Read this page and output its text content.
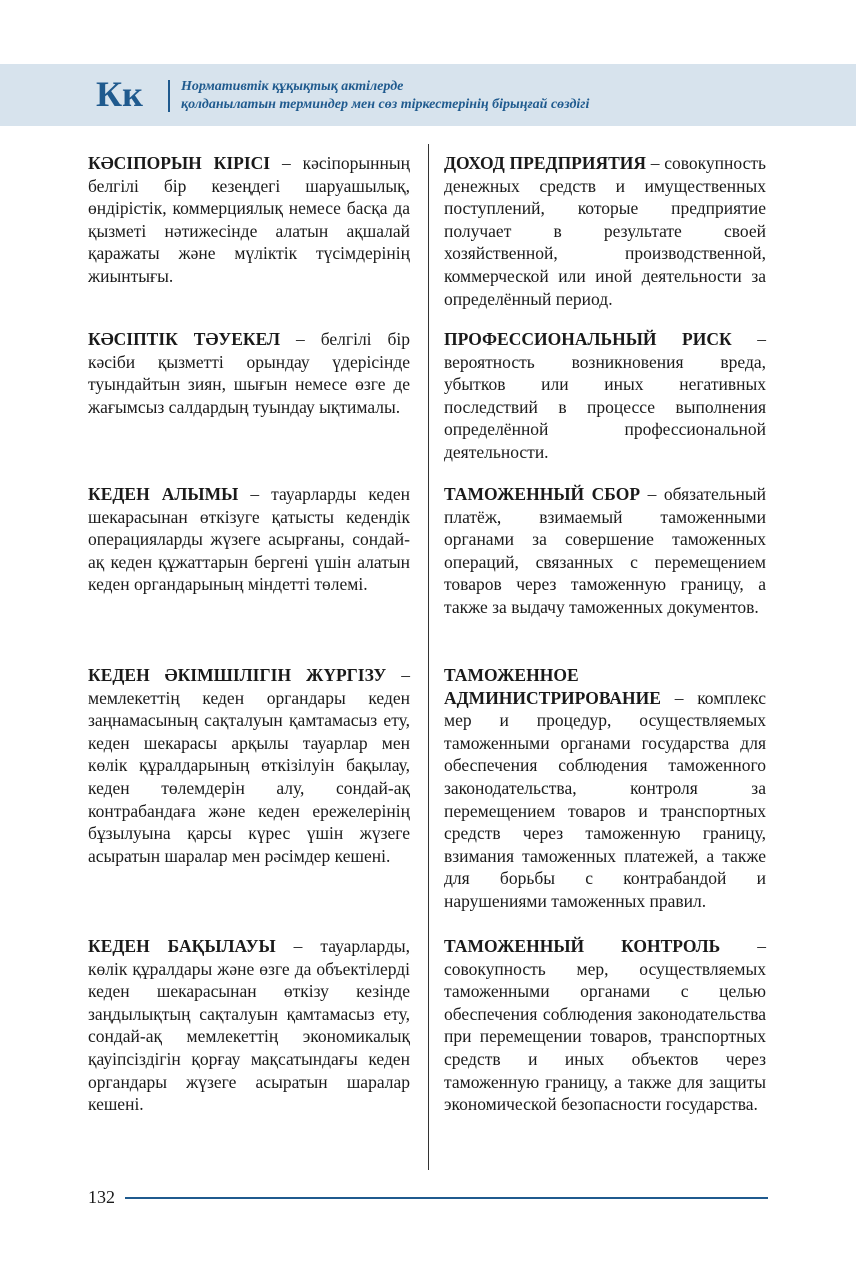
Кк	Нормативтік құқықтық актілерде
қолданылатын терминдер мен сөз тіркестерінің бірыңғай сөздігі

КӘСІПОРЫН КІРІСІ – кәсіпорынның белгілі бір кезеңдегі шаруашылық, өндірістік, коммерциялық немесе басқа да қызметі нәтижесінде алатын ақшалай қаражаты және мүліктік түсімдерінің жиынтығы.

КӘСІПТІК ТӘУЕКЕЛ – белгілі бір кәсіби қызметті орындау үдерісінде туындайтын зиян, шығын немесе өзге де жағымсыз салдардың туындау ықтималы.

КЕДЕН АЛЫМЫ – тауарларды кеден шекарасынан өткізуге қатысты кедендік операцияларды жүзеге асырғаны, сондай-ақ кеден құжаттарын бергені үшін алатын кеден органдарының міндетті төлемі.

КЕДЕН ӘКІМШІЛІГІН ЖҮРГІЗУ – мемлекеттің кеден органдары кеден заңнамасының сақталуын қамтамасыз ету, кеден шекарасы арқылы тауарлар мен көлік құралдарының өткізілуін бақылау, кеден төлемдерін алу, сондай-ақ контрабандаға және кеден ережелерінің бұзылуына қарсы күрес үшін жүзеге асыратын шаралар мен рәсімдер кешені.

КЕДЕН БАҚЫЛАУЫ – тауарларды, көлік құралдары және өзге да объектілерді кеден шекарасынан өткізу кезінде заңдылықтың сақталуын қамтамасыз ету, сондай-ақ мемлекеттің экономикалық қауіпсіздігін қорғау мақсатындағы кеден органдары жүзеге асыратын шаралар кешені.

ДОХОД ПРЕДПРИЯТИЯ – совокупность денежных средств и имущественных поступлений, которые предприятие получает в результате своей хозяйственной, производственной, коммерческой или иной деятельности за определённый период.

ПРОФЕССИОНАЛЬНЫЙ РИСК – вероятность возникновения вреда, убытков или иных негативных последствий в процессе выполнения определённой профессиональной деятельности.

ТАМОЖЕННЫЙ СБОР – обязательный платёж, взимаемый таможенными органами за совершение таможенных операций, связанных с перемещением товаров через таможенную границу, а также за выдачу таможенных документов.

ТАМОЖЕННОЕ АДМИНИСТРИРОВАНИЕ – комплекс мер и процедур, осуществляемых таможенными органами государства для обеспечения соблюдения таможенного законодательства, контроля за перемещением товаров и транспортных средств через таможенную границу, взимания таможенных платежей, а также для борьбы с контрабандой и нарушениями таможенных правил.

ТАМОЖЕННЫЙ КОНТРОЛЬ – совокупность мер, осуществляемых таможенными органами с целью обеспечения соблюдения законодательства при перемещении товаров, транспортных средств и иных объектов через таможенную границу, а также для защиты экономической безопасности государства.

132
